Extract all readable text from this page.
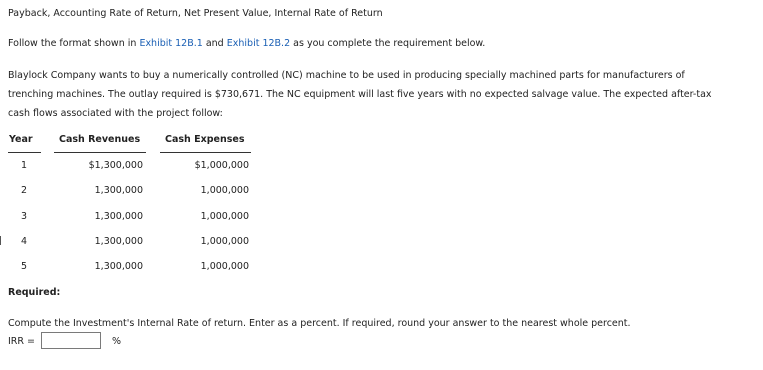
Payback, Accounting Rate of Return, Net Present Value, Internal Rate of Return
Follow the format shown in Exhibit 12B.1 and Exhibit 12B.2 as you complete the requirement below.
Blaylock Company wants to buy a numerically controlled (NC) machine to be used in producing specially machined parts for manufacturers of
trenching machines. The outlay required is $730,671. The NC equipment will last five years with no expected salvage value. The expected after-tax
cash flows associated with the project follow:
Year	Cash Revenues	Cash Expenses
1	$1,300,000	$1,000,000
2	1,300,000	1,000,000
3	1,300,000	1,000,000
4	1,300,000	1,000,000
5	1,300,000	1,000,000
Required:
Compute the Investment's Internal Rate of return. Enter as a percent. If required, round your answer to the nearest whole percent.
IRR =	%
